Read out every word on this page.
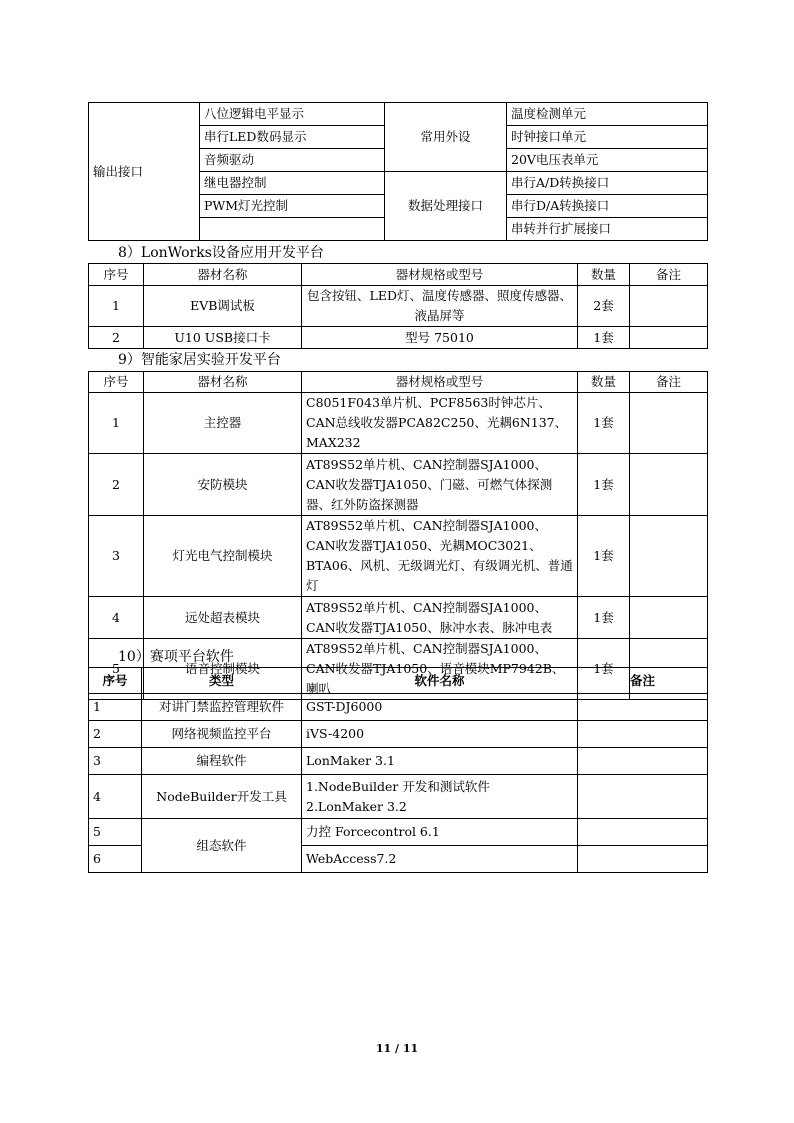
输出接口	八位逻辑电平显示	常用外设	温度检测单元
	串行LED数码显示		时钟接口单元
	音频驱动		20V电压表单元
	继电器控制	数据处理接口	串行A/D转换接口
	PWM灯光控制		串行D/A转换接口
			串转并行扩展接口
8）LonWorks设备应用开发平台
序号	器材名称	器材规格或型号	数量	备注
1	EVB调试板	包含按钮、LED灯、温度传感器、照度传感器、液晶屏等	2套	
2	U10 USB接口卡	型号 75010	1套	
9）智能家居实验开发平台
序号	器材名称	器材规格或型号	数量	备注
1	主控器	C8051F043单片机、PCF8563时钟芯片、CAN总线收发器PCA82C250、光耦6N137、MAX232	1套	
2	安防模块	AT89S52单片机、CAN控制器SJA1000、CAN收发器TJA1050、门磁、可燃气体探测器、红外防盗探测器	1套	
3	灯光电气控制模块	AT89S52单片机、CAN控制器SJA1000、CAN收发器TJA1050、光耦MOC3021、BTA06、风机、无级调光灯、有级调光机、普通灯	1套	
4	远处超表模块	AT89S52单片机、CAN控制器SJA1000、CAN收发器TJA1050、脉冲水表、脉冲电表	1套	
5	语音控制模块	AT89S52单片机、CAN控制器SJA1000、CAN收发器TJA1050、语音模块MP7942B、喇叭	1套	
10）赛项平台软件
序号	类型	软件名称	备注
1	对讲门禁监控管理软件	GST-DJ6000	
2	网络视频监控平台	iVS-4200	
3	编程软件	LonMaker 3.1	
4	NodeBuilder开发工具	1.NodeBuilder 开发和测试软件
2.LonMaker 3.2	

5	组态软件	力控 Forcecontrol 6.1	
6		WebAccess7.2	
11 / 11
